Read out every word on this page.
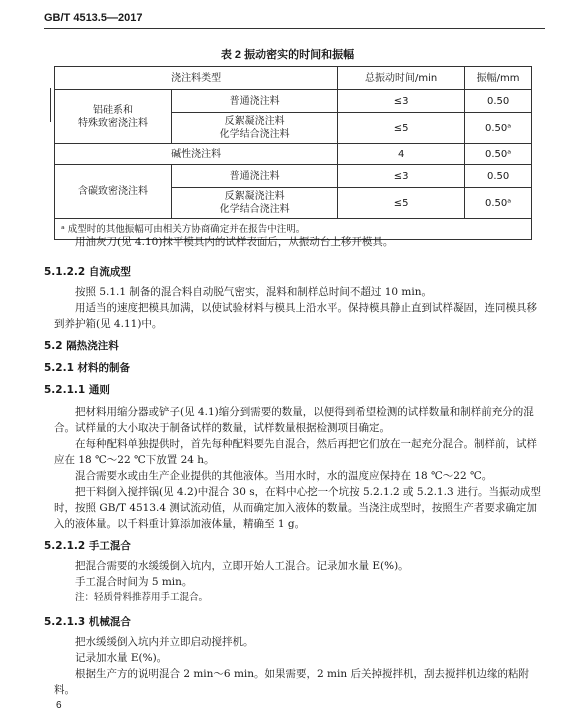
GB/T 4513.5—2017
表 2 振动密实的时间和振幅
浇注料类型		总振动时间/min	振幅/mm
铝硅系和
特殊致密浇注料	普通浇注料	≤3	0.50
	反絮凝浇注料
化学结合浇注料	≤5	0.50ᵃ
碱性浇注料		4	0.50ᵃ
含碳致密浇注料	普通浇注料	≤3	0.50
	反絮凝浇注料
化学结合浇注料	≤5	0.50ᵃ
ᵃ 成型时的其他振幅可由相关方协商确定并在报告中注明。			
用油灰刀(见 4.10)抹平模具内的试样表面后，从振动台上移开模具。
5.1.2.2 自流成型
按照 5.1.1 制备的混合料自动脱气密实，混料和制样总时间不超过 10 min。
用适当的速度把模具加满，以使试验材料与模具上沿水平。保持模具静止直到试样凝固，连同模具移到养护箱(见 4.11)中。
5.2 隔热浇注料
5.2.1 材料的制备
5.2.1.1 通则
把材料用缩分器或铲子(见 4.1)缩分到需要的数量，以便得到希望检测的试样数量和制样前充分的混合。试样量的大小取决于制备试样的数量，试样数量根据检测项目确定。
在每种配料单独提供时，首先每种配料要先自混合，然后再把它们放在一起充分混合。制样前，试样应在 18 ℃～22 ℃下放置 24 h。
混合需要水或由生产企业提供的其他液体。当用水时，水的温度应保持在 18 ℃～22 ℃。
把干料倒入搅拌锅(见 4.2)中混合 30 s，在料中心挖一个坑按 5.2.1.2 或 5.2.1.3 进行。当振动成型时，按照 GB/T 4513.4 测试流动值，从而确定加入液体的数量。当浇注成型时，按照生产者要求确定加入的液体量。以千料重计算添加液体量，精确至 1 g。
5.2.1.2 手工混合
把混合需要的水缓缓倒入坑内，立即开始人工混合。记录加水量 E(%)。
手工混合时间为 5 min。
注：轻质骨料推荐用手工混合。
5.2.1.3 机械混合
把水缓缓倒入坑内并立即启动搅拌机。
记录加水量 E(%)。
根据生产方的说明混合 2 min～6 min。如果需要，2 min 后关掉搅拌机，刮去搅拌机边缘的粘附料。
6
